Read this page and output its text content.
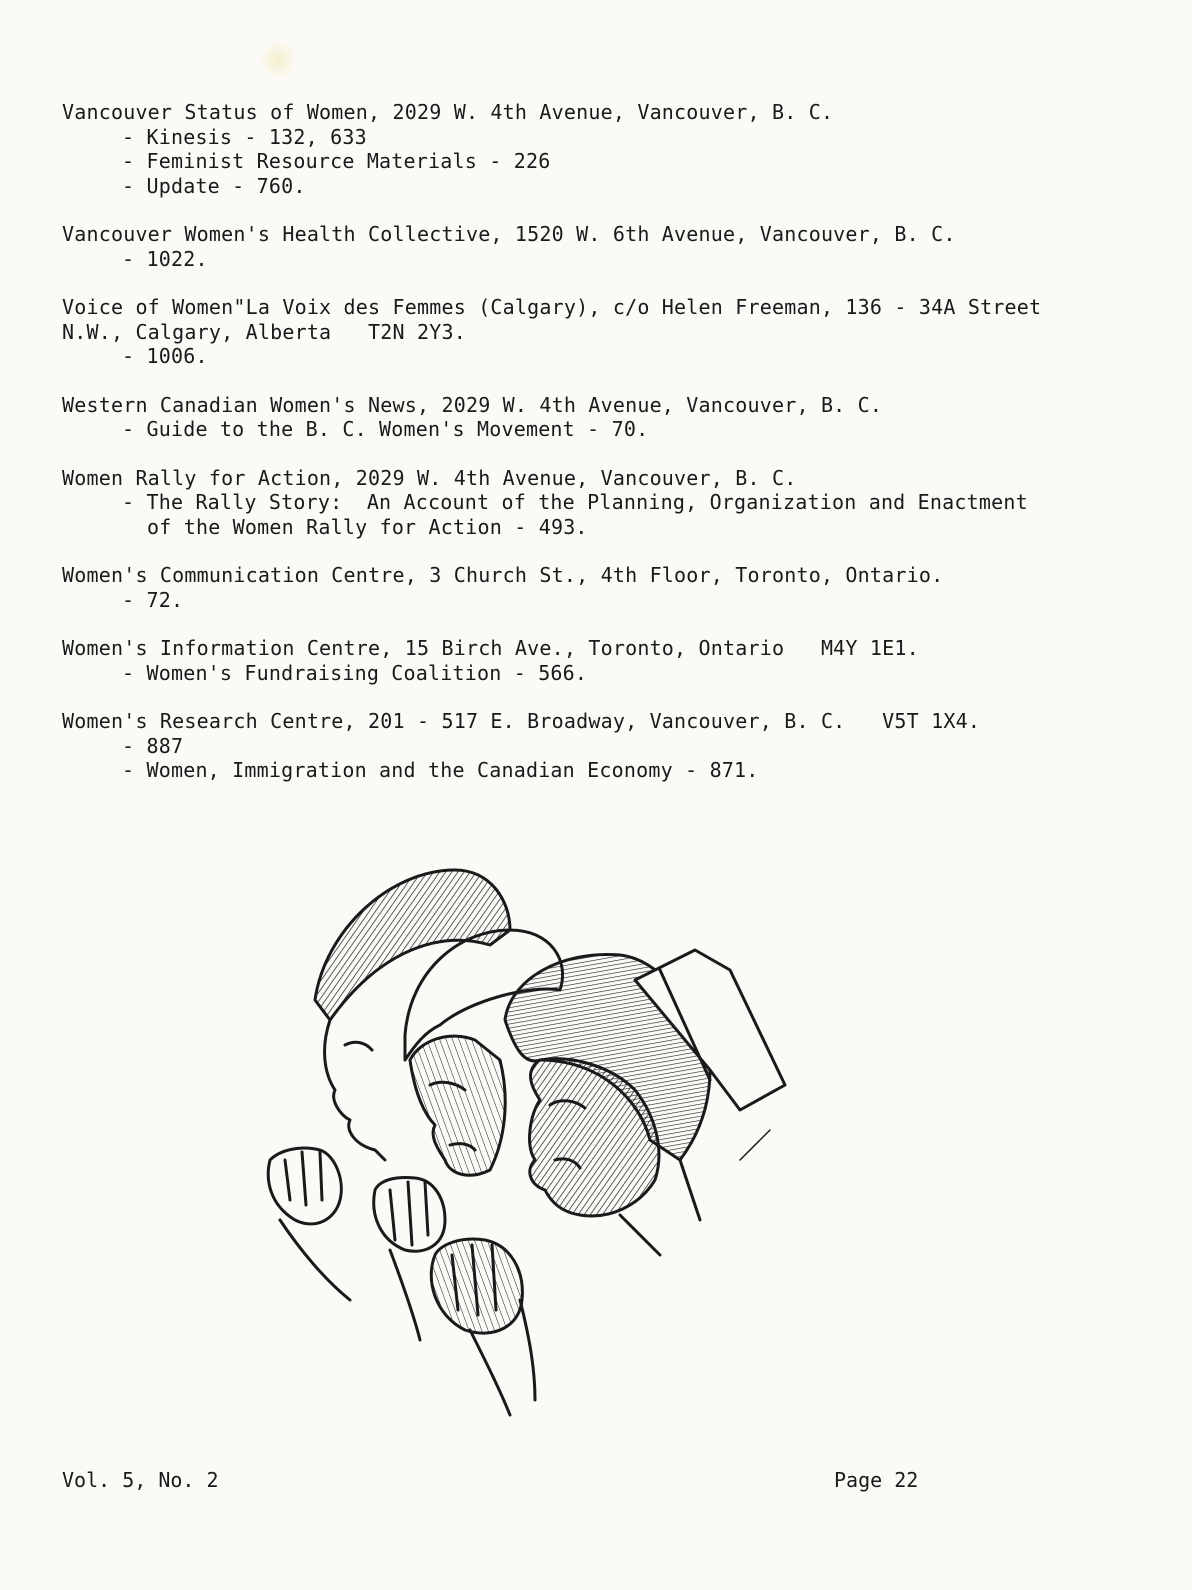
Vancouver Status of Women, 2029 W. 4th Avenue, Vancouver, B. C.
- Kinesis - 132, 633
- Feminist Resource Materials - 226
- Update - 760.
Vancouver Women's Health Collective, 1520 W. 6th Avenue, Vancouver, B. C.
- 1022.
Voice of Women"La Voix des Femmes (Calgary), c/o Helen Freeman, 136 - 34A Street
N.W., Calgary, Alberta   T2N 2Y3.
- 1006.
Western Canadian Women's News, 2029 W. 4th Avenue, Vancouver, B. C.
- Guide to the B. C. Women's Movement - 70.
Women Rally for Action, 2029 W. 4th Avenue, Vancouver, B. C.
- The Rally Story:  An Account of the Planning, Organization and Enactment
of the Women Rally for Action - 493.
Women's Communication Centre, 3 Church St., 4th Floor, Toronto, Ontario.
- 72.
Women's Information Centre, 15 Birch Ave., Toronto, Ontario   M4Y 1E1.
- Women's Fundraising Coalition - 566.
Women's Research Centre, 201 - 517 E. Broadway, Vancouver, B. C.   V5T 1X4.
- 887
- Women, Immigration and the Canadian Economy - 871.
Vol. 5, No. 2	Page 22
